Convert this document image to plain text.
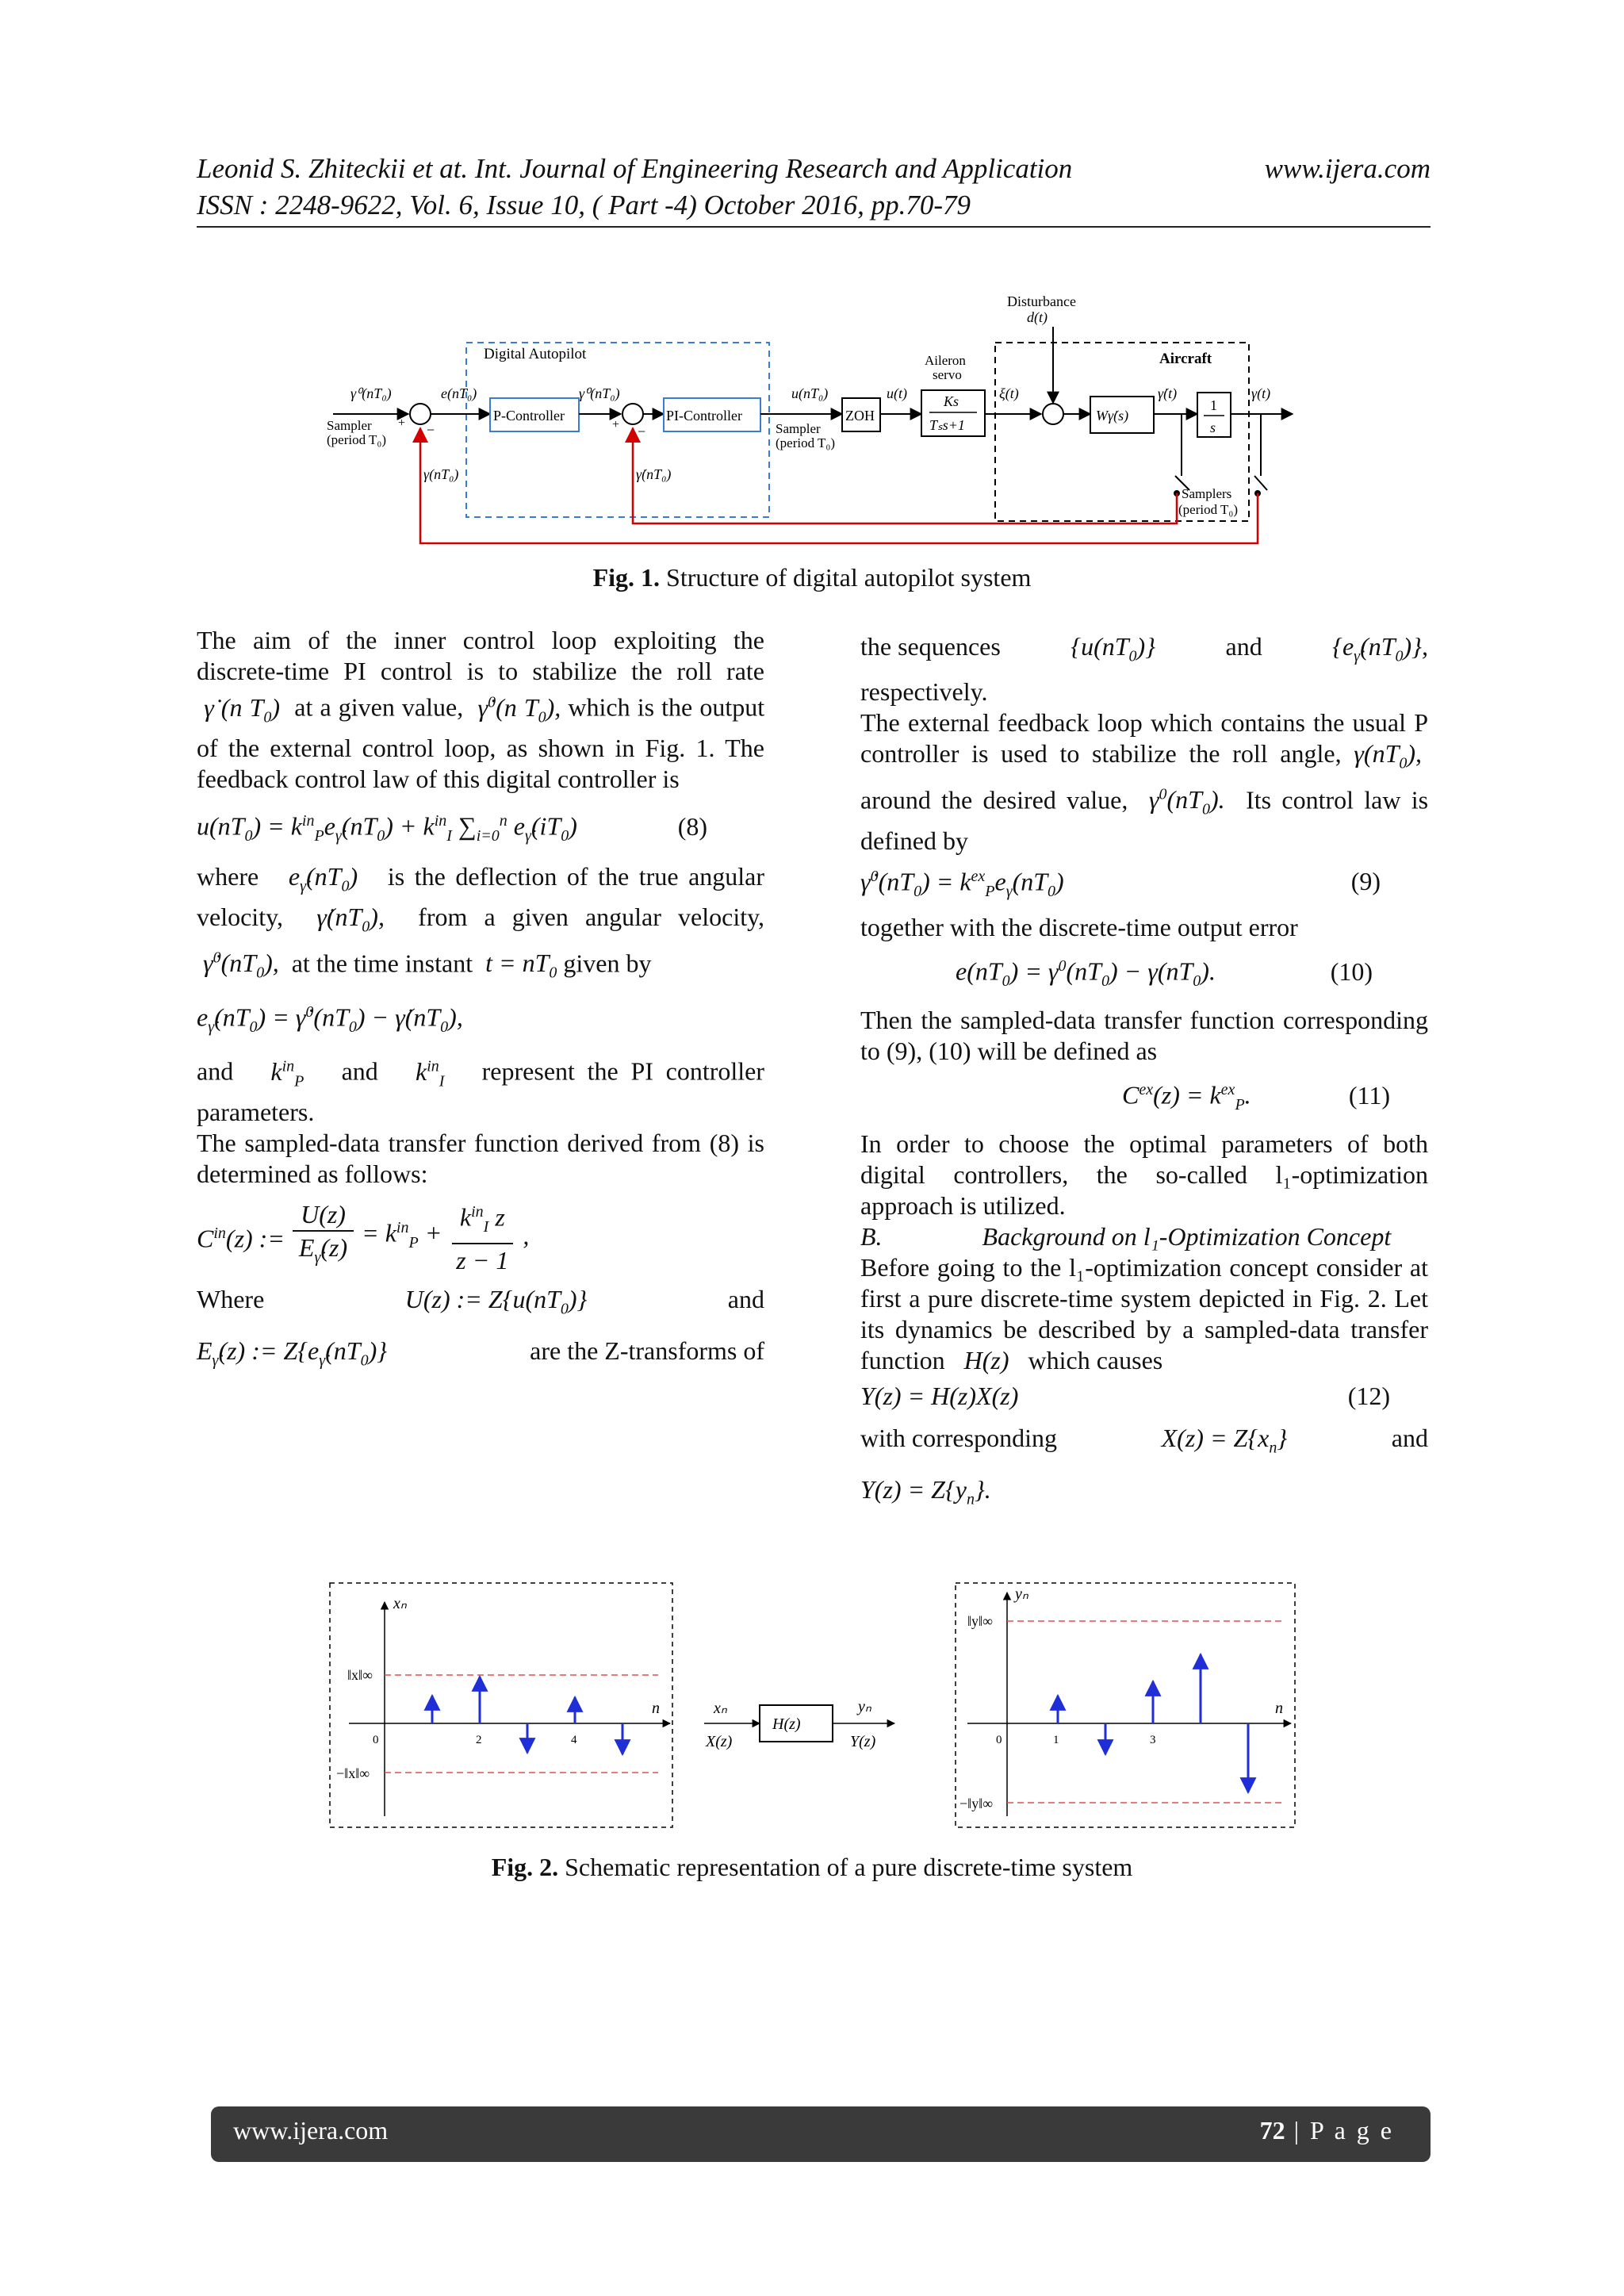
Leonid S. Zhiteckii et at. Int. Journal of Engineering Research and Application
ISSN : 2248-9622, Vol. 6, Issue 10, ( Part -4) October 2016, pp.70-79
www.ijera.com
Digital Autopilot	Aircraft
Disturbance
d(t)
γ⁰(nT₀)
Sampler
(period T₀)
+ −
e(nT₀)
P-Controller
γ̇⁰(nT₀)
+ −
PI-Controller
u(nT₀)
Sampler
(period T₀)
ZOH
u(t)
Aileron
servo
Ks
Tₛs+1
ξ(t)
Wγ̇(s)
γ̇(t)
1
s
γ(t)
Samplers
(period T₀)
γ(nT₀)	γ̇(nT₀)
Fig. 1. Structure of digital autopilot system

The aim of the inner control loop exploiting the discrete-time PI control is to stabilize the roll rate  γ̇ (n $T_0$)  at a given value,  γ̇$^0$(n $T_0$), which is the output of the external control loop, as shown in Fig. 1. The feedback control law of this digital controller is

$u(nT_0) = k^{in}_Pe_{\gammȧ}(nT_0) + k^{in}_I$ $\sum_{i=0}^n$ $e_{\gammȧ}(iT_0)$	(8)

where $e_{\gammȧ}(nT_0)$   is the deflection of the true angular velocity,  $\gammȧ(nT_0)$,  from a given angular velocity,  $\gammȧ^0(nT_0)$,  at the time instant $t = nT_0$ given by

$e_{\gammȧ}(nT_0)$ = $\gammȧ^0(nT_0)$ − $\gammȧ(nT_0)$,

and $k^{in}_P$ and $k^{in}_I$ represent the PI controller parameters.

The sampled-data transfer function derived from (8) is determined as follows:

$C^{in}(z)$ := $\frac{U(z)}{E_{\gammȧ}(z)} = k^{in}_P + \frac{k^{in}_I z}{z - 1}$ ,
Where	U(z) := $Z\{u(nT_0)\}$	and
$E_{\gammȧ}(z)$ := $Z\{e_{\gammȧ}(nT_0)\}$	are the Z-transforms of
the sequences	$\{u(nT_0)\}$	and	$\{e_{\gammȧ}(nT_0)\}$,

respectively.

The external feedback loop which contains the usual P controller is used to stabilize the roll angle, $\gamma(nT_0)$,  around the desired value,  $\gamma^0(nT_0)$.  Its control law is defined by

$\gammȧ^0(nT_0) = k^{ex}_Pe_\gamma(nT_0)$	(9)

together with the discrete-time output error

$e(nT_0) = \gamma^0(nT_0) - \gamma(nT_0)$.	(10)

Then the sampled-data transfer function corresponding to (9), (10) will be defined as

$C^{ex}(z) = k^{ex}_P$.	(11)

In order to choose the optimal parameters of both digital controllers, the so-called l₁-optimization approach is utilized.

B.	Background on l₁-Optimization Concept

Before going to the l₁-optimization concept consider at first a pure discrete-time system depicted in Fig. 2. Let its dynamics be described by a sampled-data transfer function H(z)   which causes

Y(z) = H(z)X(z)	(12)
with corresponding	$X(z) = Z\{x_n\}$	and
$Y(z) = Z\{y_n\}$.
xₙ
n
‖x‖∞
−‖x‖∞
0	2	4
xₙ
X(z)
H(z)
yₙ
Y(z)
yₙ
n
‖y‖∞
−‖y‖∞
0	1	3
Fig. 2. Schematic representation of a pure discrete-time system
www.ijera.com	72 | P a g e
